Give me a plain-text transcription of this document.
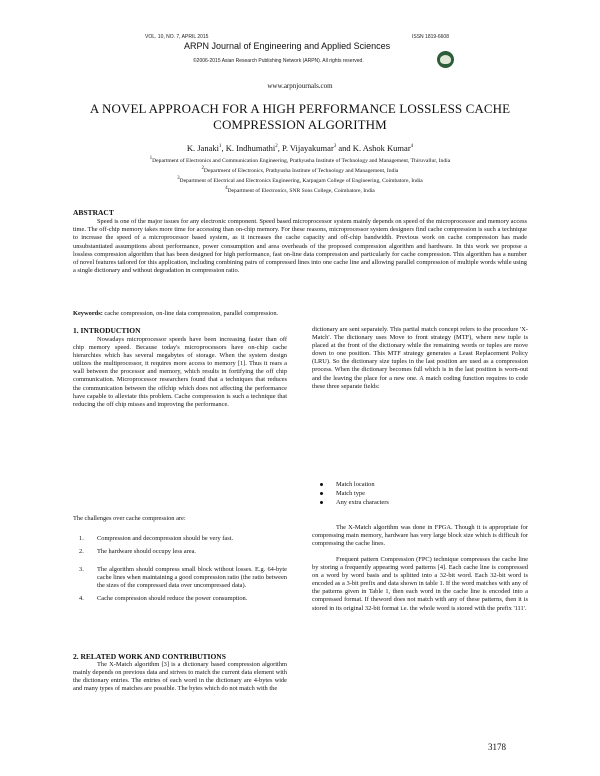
VOL. 10, NO. 7, APRIL 2015	ISSN 1819-6608
ARPN Journal of Engineering and Applied Sciences
©2006-2015 Asian Research Publishing Network (ARPN). All rights reserved.
www.arpnjournals.com
A NOVEL APPROACH FOR A HIGH PERFORMANCE LOSSLESS CACHE
COMPRESSION ALGORITHM
K. Janaki$^1$, K. Indhumathi$^2$, P. Vijayakumar$^3$ and K. Ashok Kumar$^4$
$^1$Department of Electronics and Communication Engineering, Prathyusha Institute of Technology and Management, Thiruvallur, India
$^2$Department of Electronics, Prathyusha Institute of Technology and Management, India
$^3$Department of Electrical and Electronics Engineering, Karpagam College of Engineering, Coimbatore, India
$^4$Department of Electronics, SNR Sons College, Coimbatore, India
ABSTRACT
Speed is one of the major issues for any electronic component. Speed based microprocessor system mainly depends on speed of the microprocessor and memory access time. The off-chip memory takes more time for accessing than on-chip memory. For these reasons, microprocessor system designers find cache compression is such a technique to increase the speed of a microprocessor based system, as it increases the cache capacity and off-chip bandwidth. Previous work on cache compression has made unsubstantiated assumptions about performance, power consumption and area overheads of the proposed compression algorithm and hardware. In this work we propose a lossless compression algorithm that has been designed for high performance, fast on-line data compression and particularly for cache compression. This algorithm has a number of novel features tailored for this application, including combining pairs of compressed lines into one cache line and allowing parallel compression of multiple words while using a single dictionary and without degradation in compression ratio.
Keywords: cache compression, on-line data compression, parallel compression.
1. INTRODUCTION
Nowadays microprocessor speeds have been increasing faster than off chip memory speed. Because today's microprocessors have on-chip cache hierarchies which has several megabytes of storage. When the system design utilizes the multiprocessor, it requires more access to memory [1]. Thus it rears a wall between the processor and memory, which results in fortifying the off chip communication. Microprocessor researchers found that a techniques that reduces the communication between the offchip which does not affecting the performance have capable to alleviate this problem. Cache compression is such a technique that reducing the off chip misses and improving the performance.
The challenges over cache compression are:
1. Compression and decompression should be very fast.
2. The hardware should occupy less area.
3. The algorithm should compress small block without losses. E.g. 64-byte cache lines when maintaining a good compression ratio (the ratio between the sizes of the compressed data over uncompressed data).
4. Cache compression should reduce the power consumption.
2. RELATED WORK AND CONTRIBUTIONS
The X-Match algorithm [3] is a dictionary based compression algorithm mainly depends on previous data and strives to match the current data element with the dictionary entries. The entries of each word in the dictionary are 4-bytes wide and many types of matches are possible. The bytes which do not match with the
dictionary are sent separately. This partial match concept refers to the procedure 'X-Match'. The dictionary uses Move to front strategy (MTF), where new tuple is placed at the front of the dictionary while the remaining words or tuples are move down to one position. This MTF strategy generates a Least Replacement Policy (LRU). So the dictionary size tuples in the last position are used as a compression process. When the dictionary becomes full which is in the last position is worn-out and the leaving the place for a new one. A match coding function requires to code these three separate fields:
Match location
Match type
Any extra characters
The X-Match algorithm was done in FPGA. Though it is appropriate for compressing main memory, hardware has very large block size which is difficult for compressing the cache lines.
Frequent pattern Compression (FPC) technique compresses the cache line by storing a frequently appearing word patterns [4]. Each cache line is compressed on a word by word basis and is splitted into a 32-bit word. Each 32-bit word is encoded as a 3-bit prefix and data shown in table 1. If the word matches with any of the patterns given in Table 1, then each word in the cache line is encoded into a compressed format. If theword does not match with any of these patterns, then it is stored in its original 32-bit format i.e. the whole word is stored with the prefix '111'.
3178
